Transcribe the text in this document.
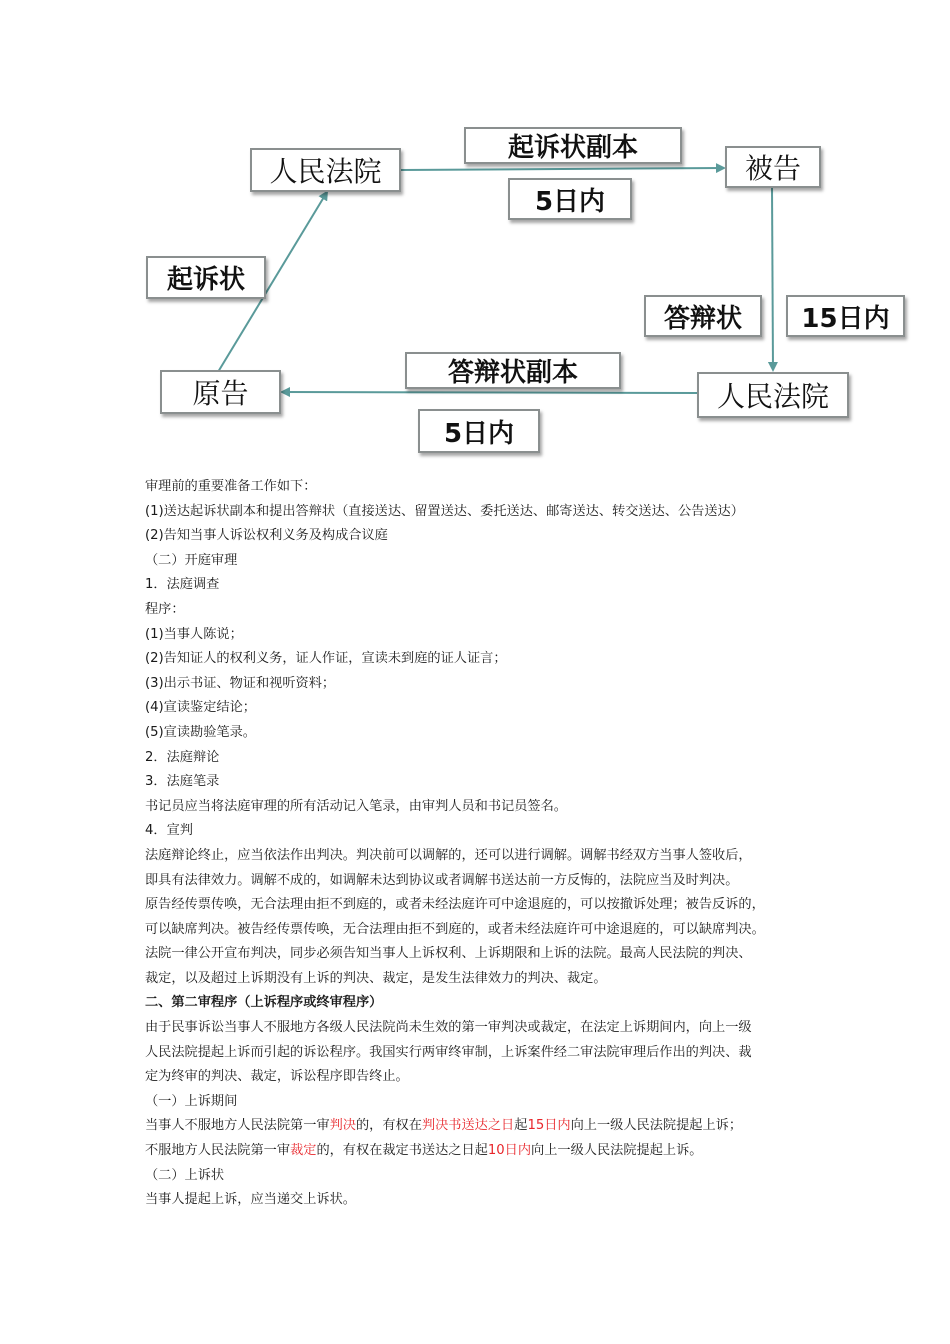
人民法院	被告
人民法院
原告
起诉状副本
5日内
答辩状	15日内
答辩状副本
5日内
起诉状
审理前的重要准备工作如下：
(1)送达起诉状副本和提出答辩状（直接送达、留置送达、委托送达、邮寄送达、转交送达、公告送达）
(2)告知当事人诉讼权利义务及构成合议庭
（二）开庭审理
1．法庭调查
程序：
(1)当事人陈说；
(2)告知证人的权利义务，证人作证，宣读未到庭的证人证言；
(3)出示书证、物证和视听资料；
(4)宣读鉴定结论；
(5)宣读勘验笔录。
2．法庭辩论
3．法庭笔录
书记员应当将法庭审理的所有活动记入笔录，由审判人员和书记员签名。
4．宣判
法庭辩论终止，应当依法作出判决。判决前可以调解的，还可以进行调解。调解书经双方当事人签收后，
即具有法律效力。调解不成的，如调解未达到协议或者调解书送达前一方反悔的，法院应当及时判决。
原告经传票传唤，无合法理由拒不到庭的，或者未经法庭许可中途退庭的，可以按撤诉处理；被告反诉的，
可以缺席判决。被告经传票传唤，无合法理由拒不到庭的，或者未经法庭许可中途退庭的，可以缺席判决。
法院一律公开宣布判决，同步必须告知当事人上诉权利、上诉期限和上诉的法院。最高人民法院的判决、
裁定，以及超过上诉期没有上诉的判决、裁定，是发生法律效力的判决、裁定。
二、第二审程序（上诉程序或终审程序）
由于民事诉讼当事人不服地方各级人民法院尚未生效的第一审判决或裁定，在法定上诉期间内，向上一级
人民法院提起上诉而引起的诉讼程序。我国实行两审终审制，上诉案件经二审法院审理后作出的判决、裁
定为终审的判决、裁定，诉讼程序即告终止。
（一）上诉期间
当事人不服地方人民法院第一审判决的，有权在判决书送达之日起15日内向上一级人民法院提起上诉；
不服地方人民法院第一审裁定的，有权在裁定书送达之日起10日内向上一级人民法院提起上诉。
（二）上诉状
当事人提起上诉，应当递交上诉状。
